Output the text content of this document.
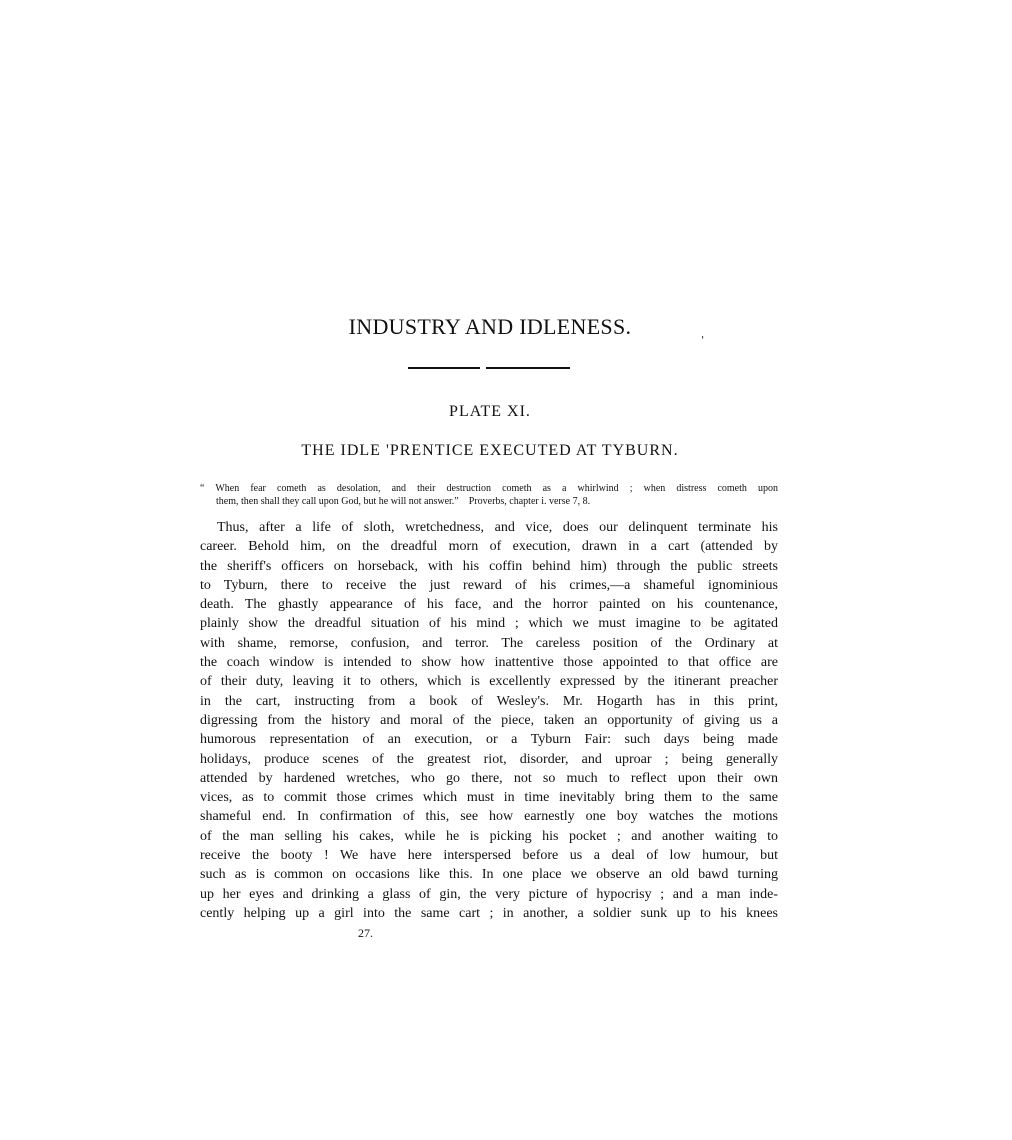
INDUSTRY AND IDLENESS.	ˌ
PLATE XI.
THE IDLE 'PRENTICE EXECUTED AT TYBURN.
“ When fear cometh as desolation, and their destruction cometh as a whirlwind ; when distress cometh upon
them, then shall they call upon God, but he will not answer.” Proverbs, chapter i. verse 7, 8.
Thus, after a life of sloth, wretchedness, and vice, does our delinquent terminate his
career. Behold him, on the dreadful morn of execution, drawn in a cart (attended by
the sheriff's officers on horseback, with his coffin behind him) through the public streets
to Tyburn, there to receive the just reward of his crimes,—a shameful ignominious
death. The ghastly appearance of his face, and the horror painted on his countenance,
plainly show the dreadful situation of his mind ; which we must imagine to be agitated
with shame, remorse, confusion, and terror. The careless position of the Ordinary at
the coach window is intended to show how inattentive those appointed to that office are
of their duty, leaving it to others, which is excellently expressed by the itinerant preacher
in the cart, instructing from a book of Wesley's. Mr. Hogarth has in this print,
digressing from the history and moral of the piece, taken an opportunity of giving us a
humorous representation of an execution, or a Tyburn Fair: such days being made
holidays, produce scenes of the greatest riot, disorder, and uproar ; being generally
attended by hardened wretches, who go there, not so much to reflect upon their own
vices, as to commit those crimes which must in time inevitably bring them to the same
shameful end. In confirmation of this, see how earnestly one boy watches the motions
of the man selling his cakes, while he is picking his pocket ; and another waiting to
receive the booty ! We have here interspersed before us a deal of low humour, but
such as is common on occasions like this. In one place we observe an old bawd turning
up her eyes and drinking a glass of gin, the very picture of hypocrisy ; and a man inde-
cently helping up a girl into the same cart ; in another, a soldier sunk up to his knees

27.
